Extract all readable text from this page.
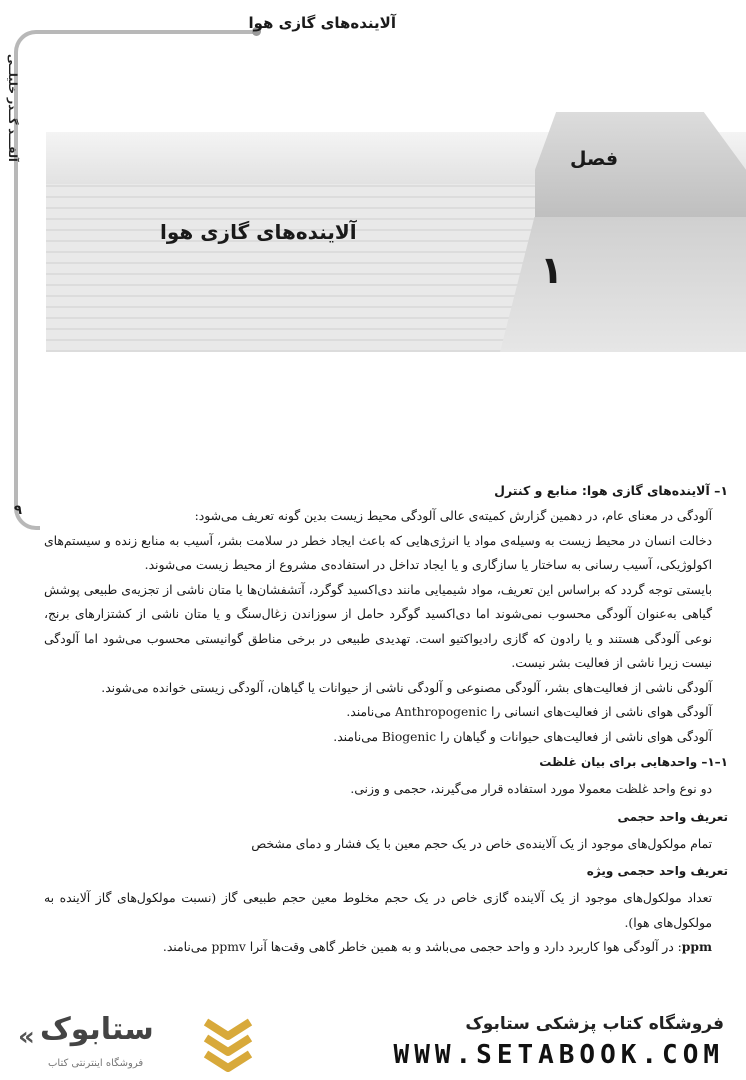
آلاینده‌های گازی هوا
آلفـــد گــدر خلیلــی
۹
فصل
۱
آلاینده‌های گازی هوا
۱– آلاینده‌های گازی هوا: منابع و کنترل
آلودگی در معنای عام، در دهمین گزارش کمیته‌ی عالی آلودگی محیط زیست بدین گونه تعریف می‌شود:
دخالت انسان در محیط زیست به وسیله‌ی مواد یا انرژی‌هایی که باعث ایجاد خطر در سلامت بشر، آسیب به منابع زنده و سیستم‌های اکولوژیکی، آسیب رسانی به ساختار یا سازگاری و یا ایجاد تداخل در استفاده‌ی مشروع از محیط زیست می‌شوند.
بایستی توجه گردد که براساس این تعریف، مواد شیمیایی مانند دی‌اکسید گوگرد، آتشفشان‌ها یا متان ناشی از تجزیه‌ی طبیعی پوشش گیاهی به‌عنوان آلودگی محسوب نمی‌شوند اما دی‌اکسید گوگرد حامل از سوزاندن زغال‌سنگ و یا متان ناشی از کشتزارهای برنج، نوعی آلودگی هستند و یا رادون که گازی رادیواکتیو است. تهدیدی طبیعی در برخی مناطق گوانیستی محسوب می‌شود اما آلودگی نیست زیرا ناشی از فعالیت بشر نیست.
آلودگی ناشی از فعالیت‌های بشر، آلودگی مصنوعی و آلودگی ناشی از حیوانات یا گیاهان، آلودگی زیستی خوانده می‌شوند.
آلودگی هوای ناشی از فعالیت‌های انسانی را Anthropogenic می‌نامند.
آلودگی هوای ناشی از فعالیت‌های حیوانات و گیاهان را Biogenic می‌نامند.
۱–۱– واحدهایی برای بیان غلظت
دو نوع واحد غلظت معمولا مورد استفاده قرار می‌گیرند، حجمی و وزنی.
تعریف واحد حجمی
تمام مولکول‌های موجود از یک آلاینده‌ی خاص در یک حجم معین با یک فشار و دمای مشخص
تعریف واحد حجمی ویژه
تعداد مولکول‌های موجود از یک آلاینده گازی خاص در یک حجم مخلوط معین حجم طبیعی گاز (نسبت مولکول‌های گاز آلاینده به مولکول‌های هوا).
ppm: در آلودگی هوا کاربرد دارد و واحد حجمی می‌باشد و به همین خاطر گاهی وقت‌ها آنرا ppmv می‌نامند.
فروشگاه کتاب پزشکی ستابوک
WWW.SETABOOK.COM
« ستابوک
فروشگاه اینترنتی کتاب
